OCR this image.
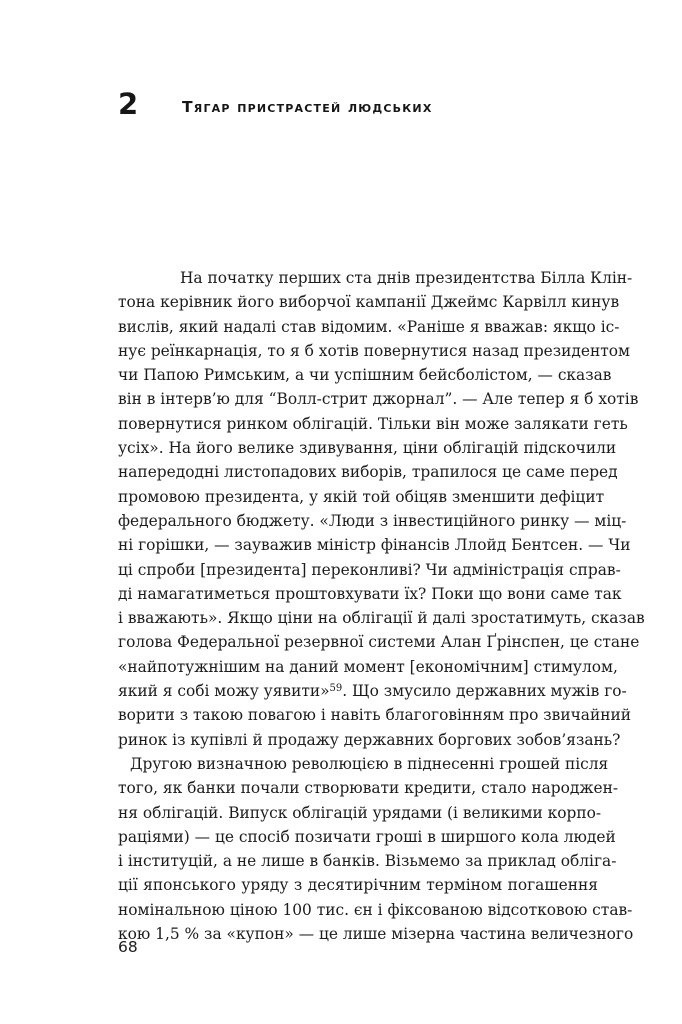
2	Тягар пристрастей людських
На початку перших ста днів президентства Білла Клін-
тона керівник його виборчої кампанії Джеймс Карвілл кинув
вислів, який надалі став відомим. «Раніше я вважав: якщо іс-
нує реїнкарнація, то я б хотів повернутися назад президентом
чи Папою Римським, а чи успішним бейсболістом, — сказав
він в інтерв’ю для “Волл-стрит джорнал”. — Але тепер я б хотів
повернутися ринком облігацій. Тільки він може залякати геть
усіх». На його велике здивування, ціни облігацій підскочили
напередодні листопадових виборів, трапилося це саме перед
промовою президента, у якій той обіцяв зменшити дефіцит
федерального бюджету. «Люди з інвестиційного ринку — міц-
ні горішки, — зауважив міністр фінансів Ллойд Бентсен. — Чи
ці спроби [президента] переконливі? Чи адміністрація справ-
ді намагатиметься проштовхувати їх? Поки що вони саме так
і вважають». Якщо ціни на облігації й далі зростатимуть, сказав
голова Федеральної резервної системи Алан Ґрінспен, це стане
«найпотужнішим на даний момент [економічним] стимулом,
який я собі можу уявити»$^{59}$. Що змусило державних мужів го-
ворити з такою повагою і навіть благоговінням про звичайний
ринок із купівлі й продажу державних боргових зобов’язань?
Другою визначною революцією в піднесенні грошей після
того, як банки почали створювати кредити, стало народжен-
ня облігацій. Випуск облігацій урядами (і великими корпо-
раціями) — це спосіб позичати гроші в ширшого кола людей
і інституцій, а не лише в банків. Візьмемо за приклад облігa-
ції японського уряду з десятирічним терміном погашення
номінальною ціною 100 тис. єн і фіксованою відсотковою став-
кою 1,5 % за «купон» — це лише мізерна частина величезного
68
